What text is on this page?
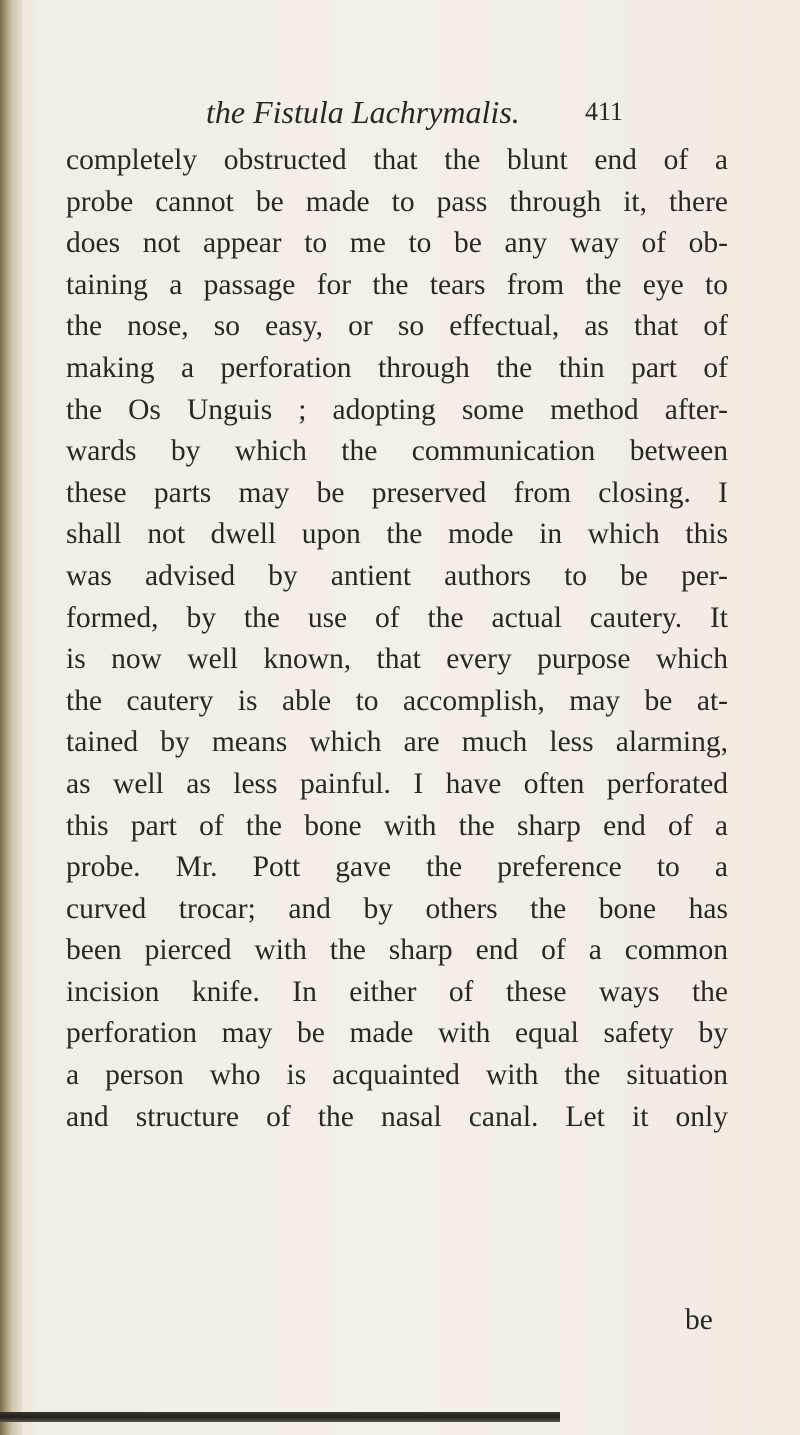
the Fistula Lachrymalis.	411
completely obstructed that the blunt end of a
probe cannot be made to pass through it, there
does not appear to me to be any way of ob-
taining a passage for the tears from the eye to
the nose, so easy, or so effectual, as that of
making a perforation through the thin part of
the Os Unguis ; adopting some method after-
wards by which the communication between
these parts may be preserved from closing. I
shall not dwell upon the mode in which this
was advised by antient authors to be per-
formed, by the use of the actual cautery. It
is now well known, that every purpose which
the cautery is able to accomplish, may be at-
tained by means which are much less alarming,
as well as less painful. I have often perforated
this part of the bone with the sharp end of a
probe. Mr. Pott gave the preference to a
curved trocar; and by others the bone has
been pierced with the sharp end of a common
incision knife. In either of these ways the
perforation may be made with equal safety by
a person who is acquainted with the situation
and structure of the nasal canal. Let it only
be
